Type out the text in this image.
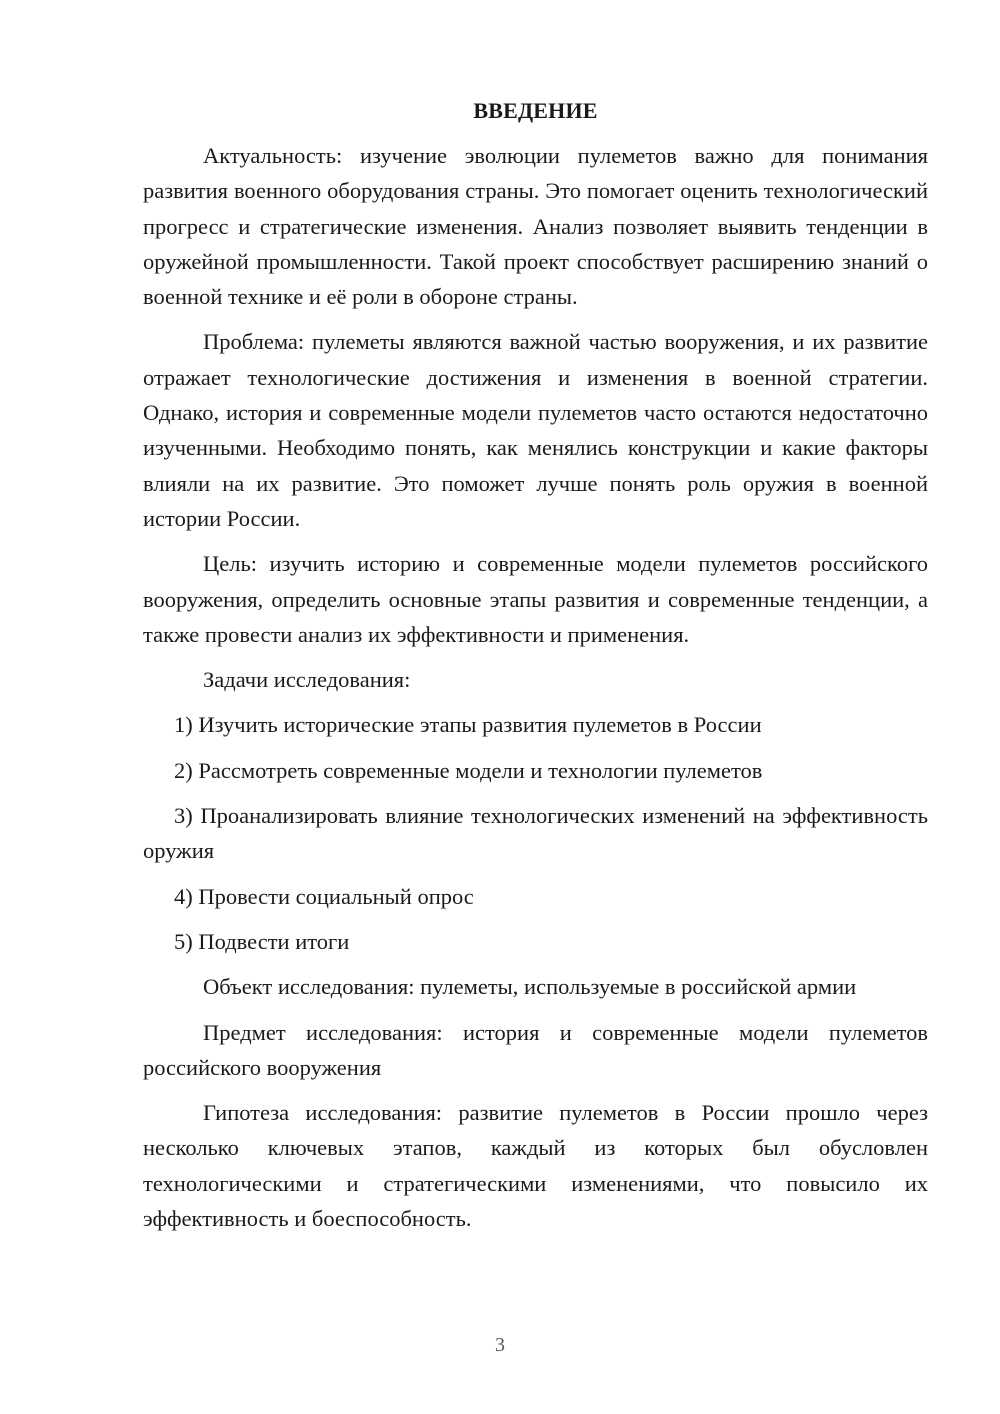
ВВЕДЕНИЕ

Актуальность: изучение эволюции пулеметов важно для понимания развития военного оборудования страны. Это помогает оценить технологический прогресс и стратегические изменения. Анализ позволяет выявить тенденции в оружейной промышленности. Такой проект способствует расширению знаний о военной технике и её роли в обороне страны.

Проблема: пулеметы являются важной частью вооружения, и их развитие отражает технологические достижения и изменения в военной стратегии. Однако, история и современные модели пулеметов часто остаются недостаточно изученными. Необходимо понять, как менялись конструкции и какие факторы влияли на их развитие. Это поможет лучше понять роль оружия в военной истории России.

Цель: изучить историю и современные модели пулеметов российского вооружения, определить основные этапы развития и современные тенденции, а также провести анализ их эффективности и применения.

Задачи исследования:

1) Изучить исторические этапы развития пулеметов в России

2) Рассмотреть современные модели и технологии пулеметов

3) Проанализировать влияние технологических изменений на эффективность оружия

4) Провести социальный опрос

5) Подвести итоги

Объект исследования: пулеметы, используемые в российской армии

Предмет исследования: история и современные модели пулеметов российского вооружения

Гипотеза исследования: развитие пулеметов в России прошло через несколько ключевых этапов, каждый из которых был обусловлен технологическими и стратегическими изменениями, что повысило их эффективность и боеспособность.

3
